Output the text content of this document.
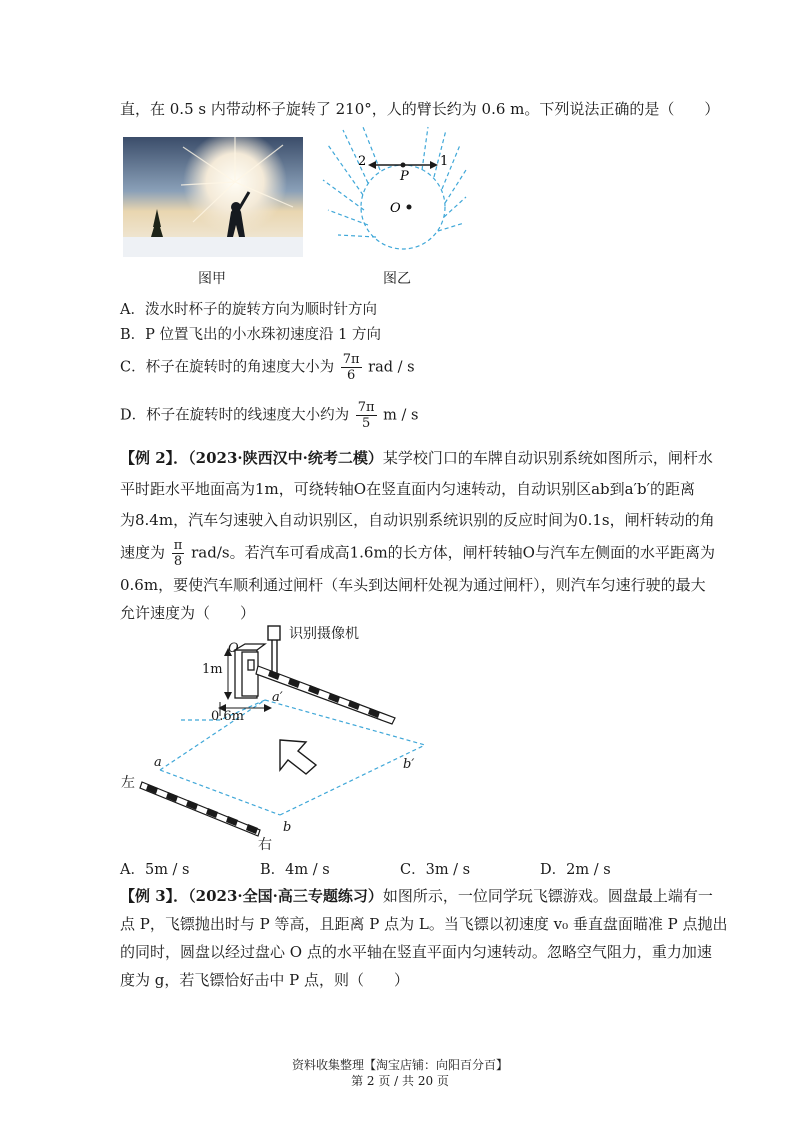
直，在 0.5 s 内带动杯子旋转了 210°，人的臂长约为 0.6 m。下列说法正确的是（　　）
图甲
2	1
P
O
图乙
A．泼水时杯子的旋转方向为顺时针方向
B．P 位置飞出的小水珠初速度沿 1 方向
C．杯子在旋转时的角速度大小为 $\frac{7\pi}{6}$ rad / s
D．杯子在旋转时的线速度大小约为 $\frac{7\pi}{5}$ m / s
【例 2】．（2023·陕西汉中·统考二模）某学校门口的车牌自动识别系统如图所示，闸杆水
平时距水平地面高为1m，可绕转轴O在竖直面内匀速转动，自动识别区ab到a′b′的距离
为8.4m，汽车匀速驶入自动识别区，自动识别系统识别的反应时间为0.1s，闸杆转动的角
速度为 $\frac{\pi}{8} rad/s$。若汽车可看成高1.6m的长方体，闸杆转轴O与汽车左侧面的水平距离为
0.6m，要使汽车顺利通过闸杆（车头到达闸杆处视为通过闸杆），则汽车匀速行驶的最大
允许速度为（　　）
识别摄像机
O
1m
0.6m
a′
b′
a
b
左
右
A．5m / s	B．4m / s	C．3m / s	D．2m / s
【例 3】．（2023·全国·高三专题练习）如图所示，一位同学玩飞镖游戏。圆盘最上端有一
点 P，飞镖抛出时与 P 等高，且距离 P 点为 L。当飞镖以初速度 v₀ 垂直盘面瞄准 P 点抛出
的同时，圆盘以经过盘心 O 点的水平轴在竖直平面内匀速转动。忽略空气阻力，重力加速
度为 g，若飞镖恰好击中 P 点，则（　　）
资料收集整理【淘宝店铺：向阳百分百】
第 2 页 / 共 20 页
